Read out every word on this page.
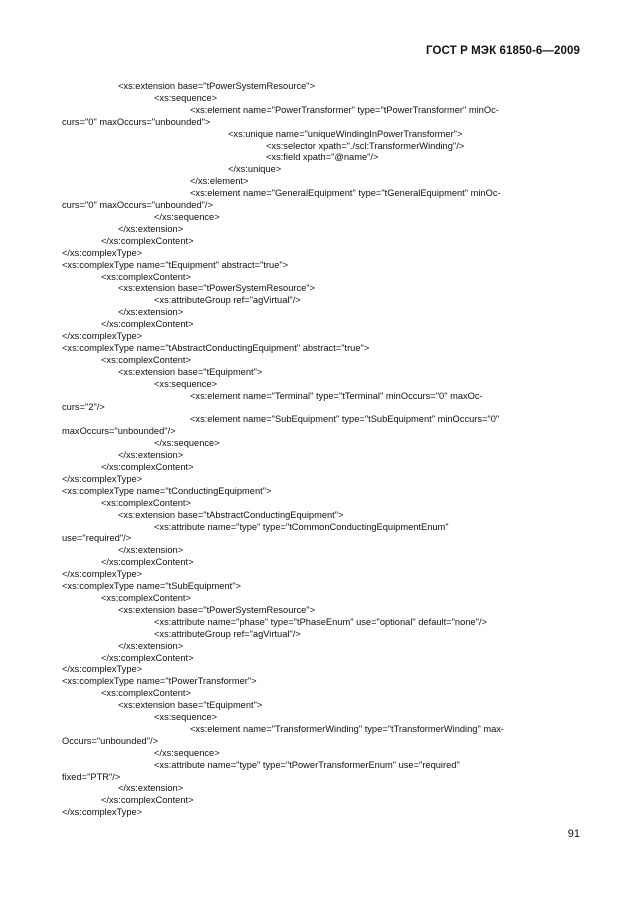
ГОСТ Р МЭК 61850-6—2009
<xs:extension base="tPowerSystemResource">
<xs:sequence>
<xs:element name="PowerTransformer" type="tPowerTransformer" minOc-
curs="0" maxOccurs="unbounded">
<xs:unique name="uniqueWindingInPowerTransformer">
<xs:selector xpath="./scl:TransformerWinding"/>
<xs:field xpath="@name"/>
</xs:unique>
</xs:element>
<xs:element name="GeneralEquipment" type="tGeneralEquipment" minOc-
curs="0" maxOccurs="unbounded"/>
</xs:sequence>
</xs:extension>
</xs:complexContent>
</xs:complexType>
<xs:complexType name="tEquipment" abstract="true">
<xs:complexContent>
<xs:extension base="tPowerSystemResource">
<xs:attributeGroup ref="agVirtual"/>
</xs:extension>
</xs:complexContent>
</xs:complexType>
<xs:complexType name="tAbstractConductingEquipment" abstract="true">
<xs:complexContent>
<xs:extension base="tEquipment">
<xs:sequence>
<xs:element name="Terminal" type="tTerminal" minOccurs="0" maxOc-
curs="2"/>
<xs:element name="SubEquipment" type="tSubEquipment" minOccurs="0"
maxOccurs="unbounded"/>
</xs:sequence>
</xs:extension>
</xs:complexContent>
</xs:complexType>
<xs:complexType name="tConductingEquipment">
<xs:complexContent>
<xs:extension base="tAbstractConductingEquipment">
<xs:attribute name="type" type="tCommonConductingEquipmentEnum"
use="required"/>
</xs:extension>
</xs:complexContent>
</xs:complexType>
<xs:complexType name="tSubEquipment">
<xs:complexContent>
<xs:extension base="tPowerSystemResource">
<xs:attribute name="phase" type="tPhaseEnum" use="optional" default="none"/>
<xs:attributeGroup ref="agVirtual"/>
</xs:extension>
</xs:complexContent>
</xs:complexType>
<xs:complexType name="tPowerTransformer">
<xs:complexContent>
<xs:extension base="tEquipment">
<xs:sequence>
<xs:element name="TransformerWinding" type="tTransformerWinding" max-
Occurs="unbounded"/>
</xs:sequence>
<xs:attribute name="type" type="tPowerTransformerEnum" use="required"
fixed="PTR"/>
</xs:extension>
</xs:complexContent>
</xs:complexType>
91
